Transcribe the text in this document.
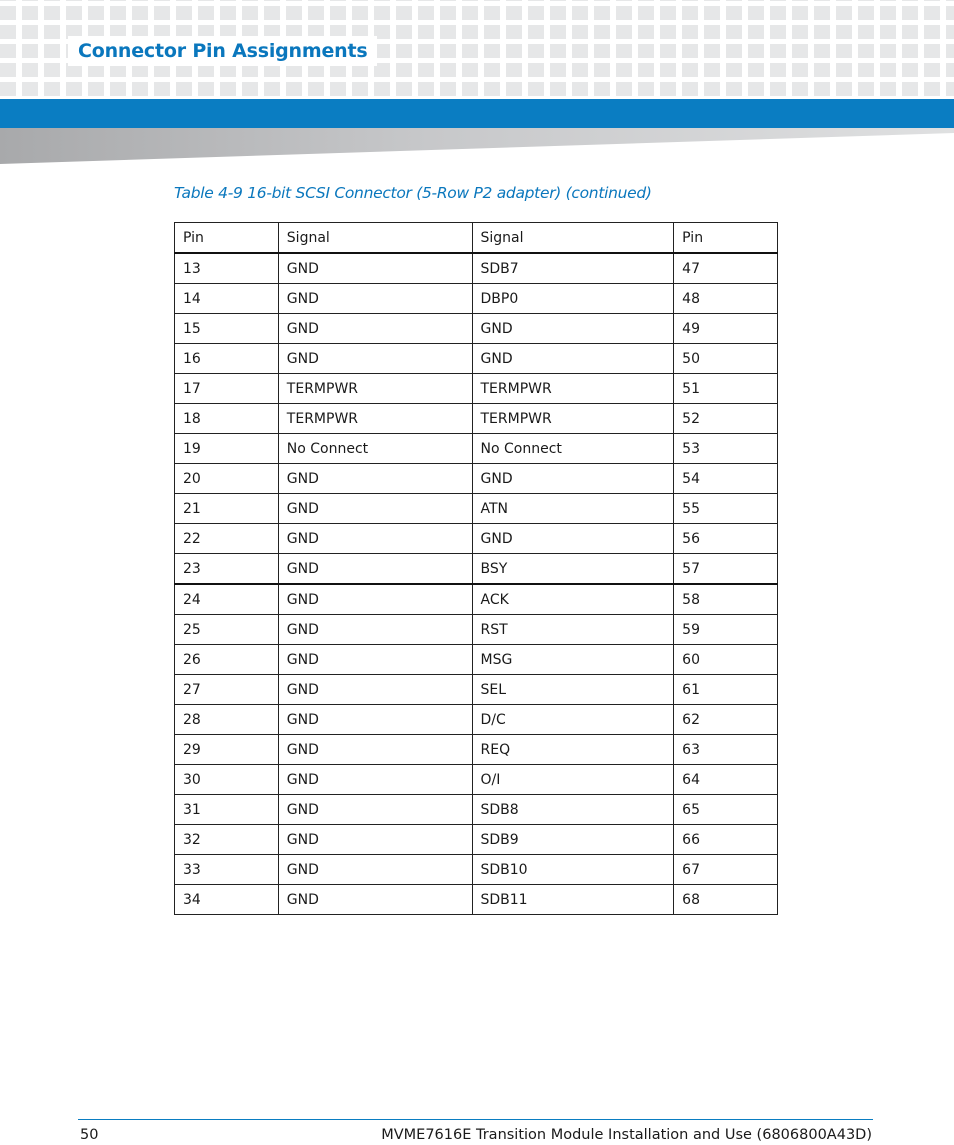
Connector Pin Assignments
Table 4-9 16-bit SCSI Connector (5-Row P2 adapter) (continued)
Pin	Signal	Signal	Pin
13	GND	SDB7	47
14	GND	DBP0	48
15	GND	GND	49
16	GND	GND	50
17	TERMPWR	TERMPWR	51
18	TERMPWR	TERMPWR	52
19	No Connect	No Connect	53
20	GND	GND	54
21	GND	ATN	55
22	GND	GND	56
23	GND	BSY	57
24	GND	ACK	58
25	GND	RST	59
26	GND	MSG	60
27	GND	SEL	61
28	GND	D/C	62
29	GND	REQ	63
30	GND	O/I	64
31	GND	SDB8	65
32	GND	SDB9	66
33	GND	SDB10	67
34	GND	SDB11	68
50	MVME7616E Transition Module Installation and Use (6806800A43D)
